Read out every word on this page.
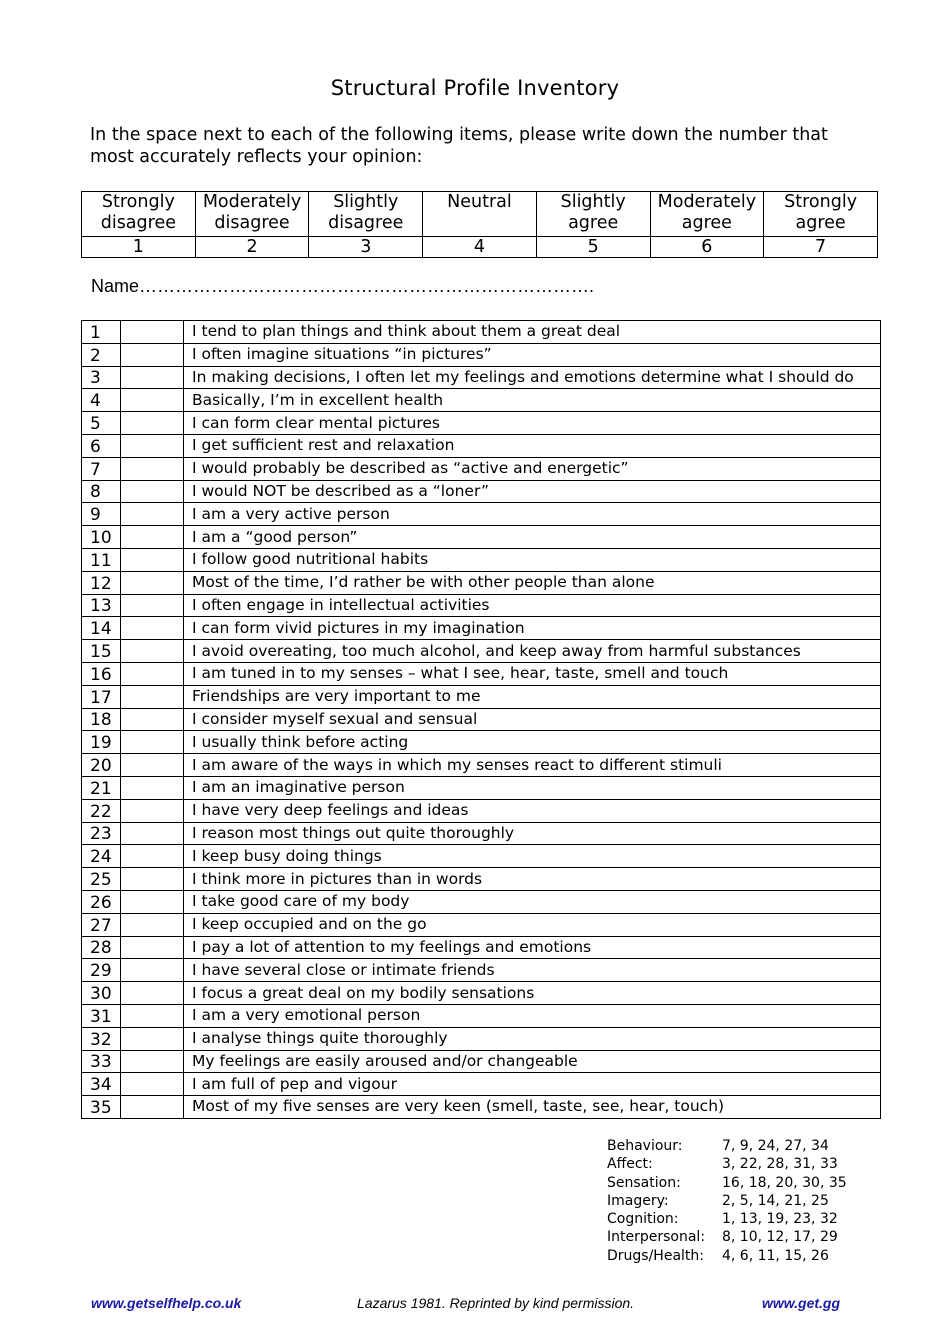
Structural Profile Inventory
In the space next to each of the following items, please write down the number that most accurately reflects your opinion:
Strongly disagree	Moderately disagree	Slightly disagree	Neutral	Slightly agree	Moderately agree	Strongly agree
1	2	3	4	5	6	7
Name………………………………………………………………….
1		I tend to plan things and think about them a great deal
2		I often imagine situations “in pictures”
3		In making decisions, I often let my feelings and emotions determine what I should do
4		Basically, I’m in excellent health
5		I can form clear mental pictures
6		I get sufficient rest and relaxation
7		I would probably be described as “active and energetic”
8		I would NOT be described as a “loner”
9		I am a very active person
10		I am a “good person”
11		I follow good nutritional habits
12		Most of the time, I’d rather be with other people than alone
13		I often engage in intellectual activities
14		I can form vivid pictures in my imagination
15		I avoid overeating, too much alcohol, and keep away from harmful substances
16		I am tuned in to my senses – what I see, hear, taste, smell and touch
17		Friendships are very important to me
18		I consider myself sexual and sensual
19		I usually think before acting
20		I am aware of the ways in which my senses react to different stimuli
21		I am an imaginative person
22		I have very deep feelings and ideas
23		I reason most things out quite thoroughly
24		I keep busy doing things
25		I think more in pictures than in words
26		I take good care of my body
27		I keep occupied and on the go
28		I pay a lot of attention to my feelings and emotions
29		I have several close or intimate friends
30		I focus a great deal on my bodily sensations
31		I am a very emotional person
32		I analyse things quite thoroughly
33		My feelings are easily aroused and/or changeable
34		I am full of pep and vigour
35		Most of my five senses are very keen (smell, taste, see, hear, touch)
Behaviour:	7, 9, 24, 27, 34
Affect:	3, 22, 28, 31, 33
Sensation:	16, 18, 20, 30, 35
Imagery:	2, 5, 14, 21, 25
Cognition:	1, 13, 19, 23, 32
Interpersonal:	8, 10, 12, 17, 29
Drugs/Health:	4, 6, 11, 15, 26
www.getselfhelp.co.uk	Lazarus 1981. Reprinted by kind permission.	www.get.gg
